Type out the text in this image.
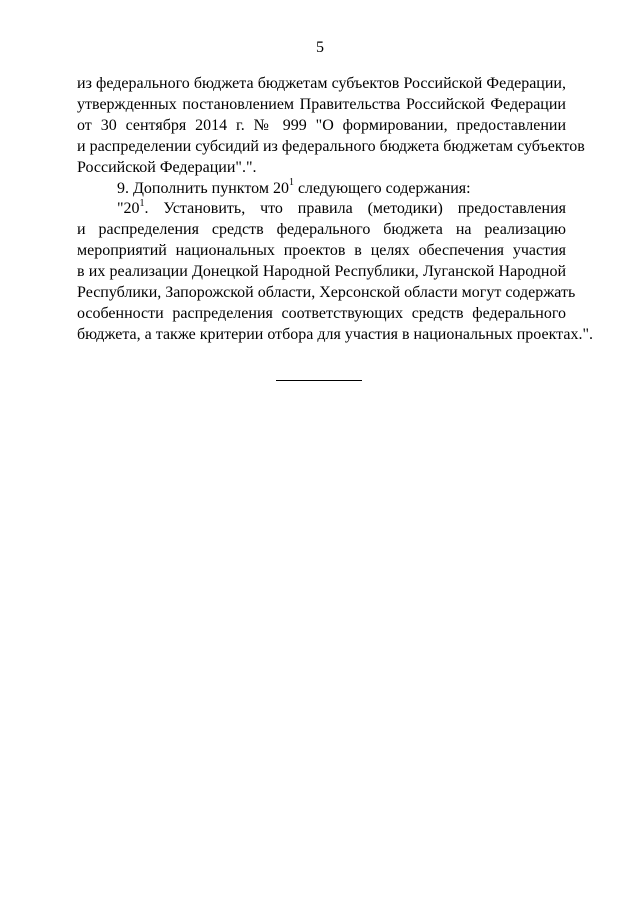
5
из федерального бюджета бюджетам субъектов Российской Федерации,
утвержденных постановлением Правительства Российской Федерации
от 30 сентября 2014 г. № 999 "О формировании, предоставлении
и распределении субсидий из федерального бюджета бюджетам субъектов
Российской Федерации".".
9. Дополнить пунктом $20^1$ следующего содержания:
"$20^1$. Установить, что правила (методики) предоставления
и распределения средств федерального бюджета на реализацию
мероприятий национальных проектов в целях обеспечения участия
в их реализации Донецкой Народной Республики, Луганской Народной
Республики, Запорожской области, Херсонской области могут содержать
особенности распределения соответствующих средств федерального
бюджета, а также критерии отбора для участия в национальных проектах.".
